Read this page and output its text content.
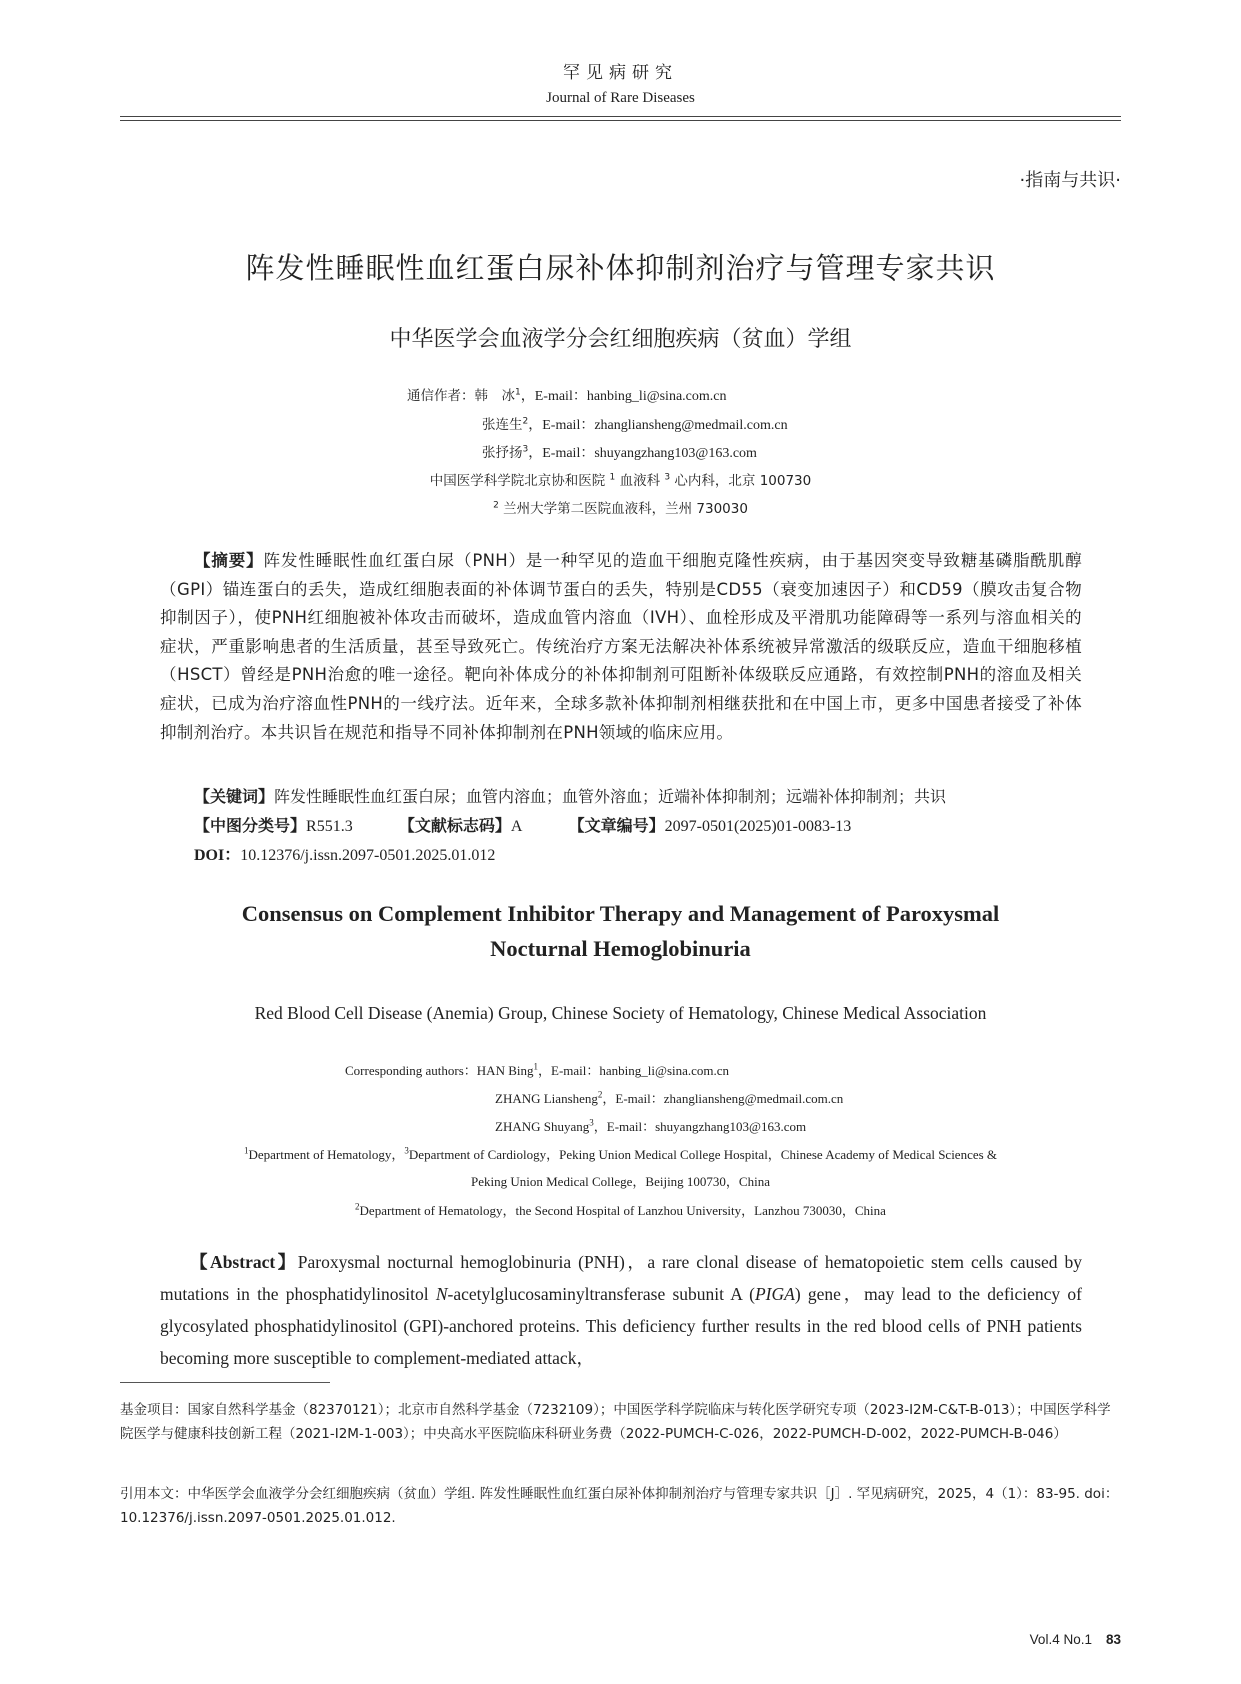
罕见病研究
Journal of Rare Diseases
·指南与共识·
阵发性睡眠性血红蛋白尿补体抑制剂治疗与管理专家共识
中华医学会血液学分会红细胞疾病（贫血）学组
通信作者：韩　冰$^1$，E-mail：hanbing_li@sina.com.cn
张连生$^2$，E-mail：zhangliansheng@medmail.com.cn
张抒扬$^3$，E-mail：shuyangzhang103@163.com
中国医学科学院北京协和医院 $^1$ 血液科 $^3$ 心内科，北京 100730
$^2$ 兰州大学第二医院血液科，兰州 730030
【摘要】阵发性睡眠性血红蛋白尿（PNH）是一种罕见的造血干细胞克隆性疾病，由于基因突变导致糖基磷脂酰肌醇（GPI）锚连蛋白的丢失，造成红细胞表面的补体调节蛋白的丢失，特别是CD55（衰变加速因子）和CD59（膜攻击复合物抑制因子），使PNH红细胞被补体攻击而破坏，造成血管内溶血（IVH）、血栓形成及平滑肌功能障碍等一系列与溶血相关的症状，严重影响患者的生活质量，甚至导致死亡。传统治疗方案无法解决补体系统被异常激活的级联反应，造血干细胞移植（HSCT）曾经是PNH治愈的唯一途径。靶向补体成分的补体抑制剂可阻断补体级联反应通路，有效控制PNH的溶血及相关症状，已成为治疗溶血性PNH的一线疗法。近年来，全球多款补体抑制剂相继获批和在中国上市，更多中国患者接受了补体抑制剂治疗。本共识旨在规范和指导不同补体抑制剂在PNH领域的临床应用。
【关键词】阵发性睡眠性血红蛋白尿；血管内溶血；血管外溶血；近端补体抑制剂；远端补体抑制剂；共识
【中图分类号】R551.3	【文献标志码】A	【文章编号】2097-0501(2025)01-0083-13
DOI：10.12376/j.issn.2097-0501.2025.01.012
Consensus on Complement Inhibitor Therapy and Management of Paroxysmal
Nocturnal Hemoglobinuria
Red Blood Cell Disease (Anemia) Group, Chinese Society of Hematology, Chinese Medical Association
Corresponding authors：HAN Bing$^1$，E-mail：hanbing_li@sina.com.cn
ZHANG Liansheng$^2$，E-mail：zhangliansheng@medmail.com.cn
ZHANG Shuyang$^3$，E-mail：shuyangzhang103@163.com
$^1$Department of Hematology，$^3$Department of Cardiology，Peking Union Medical College Hospital，Chinese Academy of Medical Sciences &
Peking Union Medical College，Beijing 100730，China
$^2$Department of Hematology，the Second Hospital of Lanzhou University，Lanzhou 730030，China
【Abstract】Paroxysmal nocturnal hemoglobinuria (PNH)，a rare clonal disease of hematopoietic stem cells caused by mutations in the phosphatidylinositol N-acetylglucosaminyltransferase subunit A (PIGA) gene，may lead to the deficiency of glycosylated phosphatidylinositol (GPI)-anchored proteins. This deficiency further results in the red blood cells of PNH patients becoming more susceptible to complement-mediated attack，
基金项目：国家自然科学基金（82370121）；北京市自然科学基金（7232109）；中国医学科学院临床与转化医学研究专项（2023-I2M-C&T-B-013）；中国医学科学院医学与健康科技创新工程（2021-I2M-1-003）；中央高水平医院临床科研业务费（2022-PUMCH-C-026，2022-PUMCH-D-002，2022-PUMCH-B-046）
引用本文：中华医学会血液学分会红细胞疾病（贫血）学组. 阵发性睡眠性血红蛋白尿补体抑制剂治疗与管理专家共识［J］. 罕见病研究，2025，4（1）：83-95. doi：10.12376/j.issn.2097-0501.2025.01.012.
Vol.4 No.1 83
